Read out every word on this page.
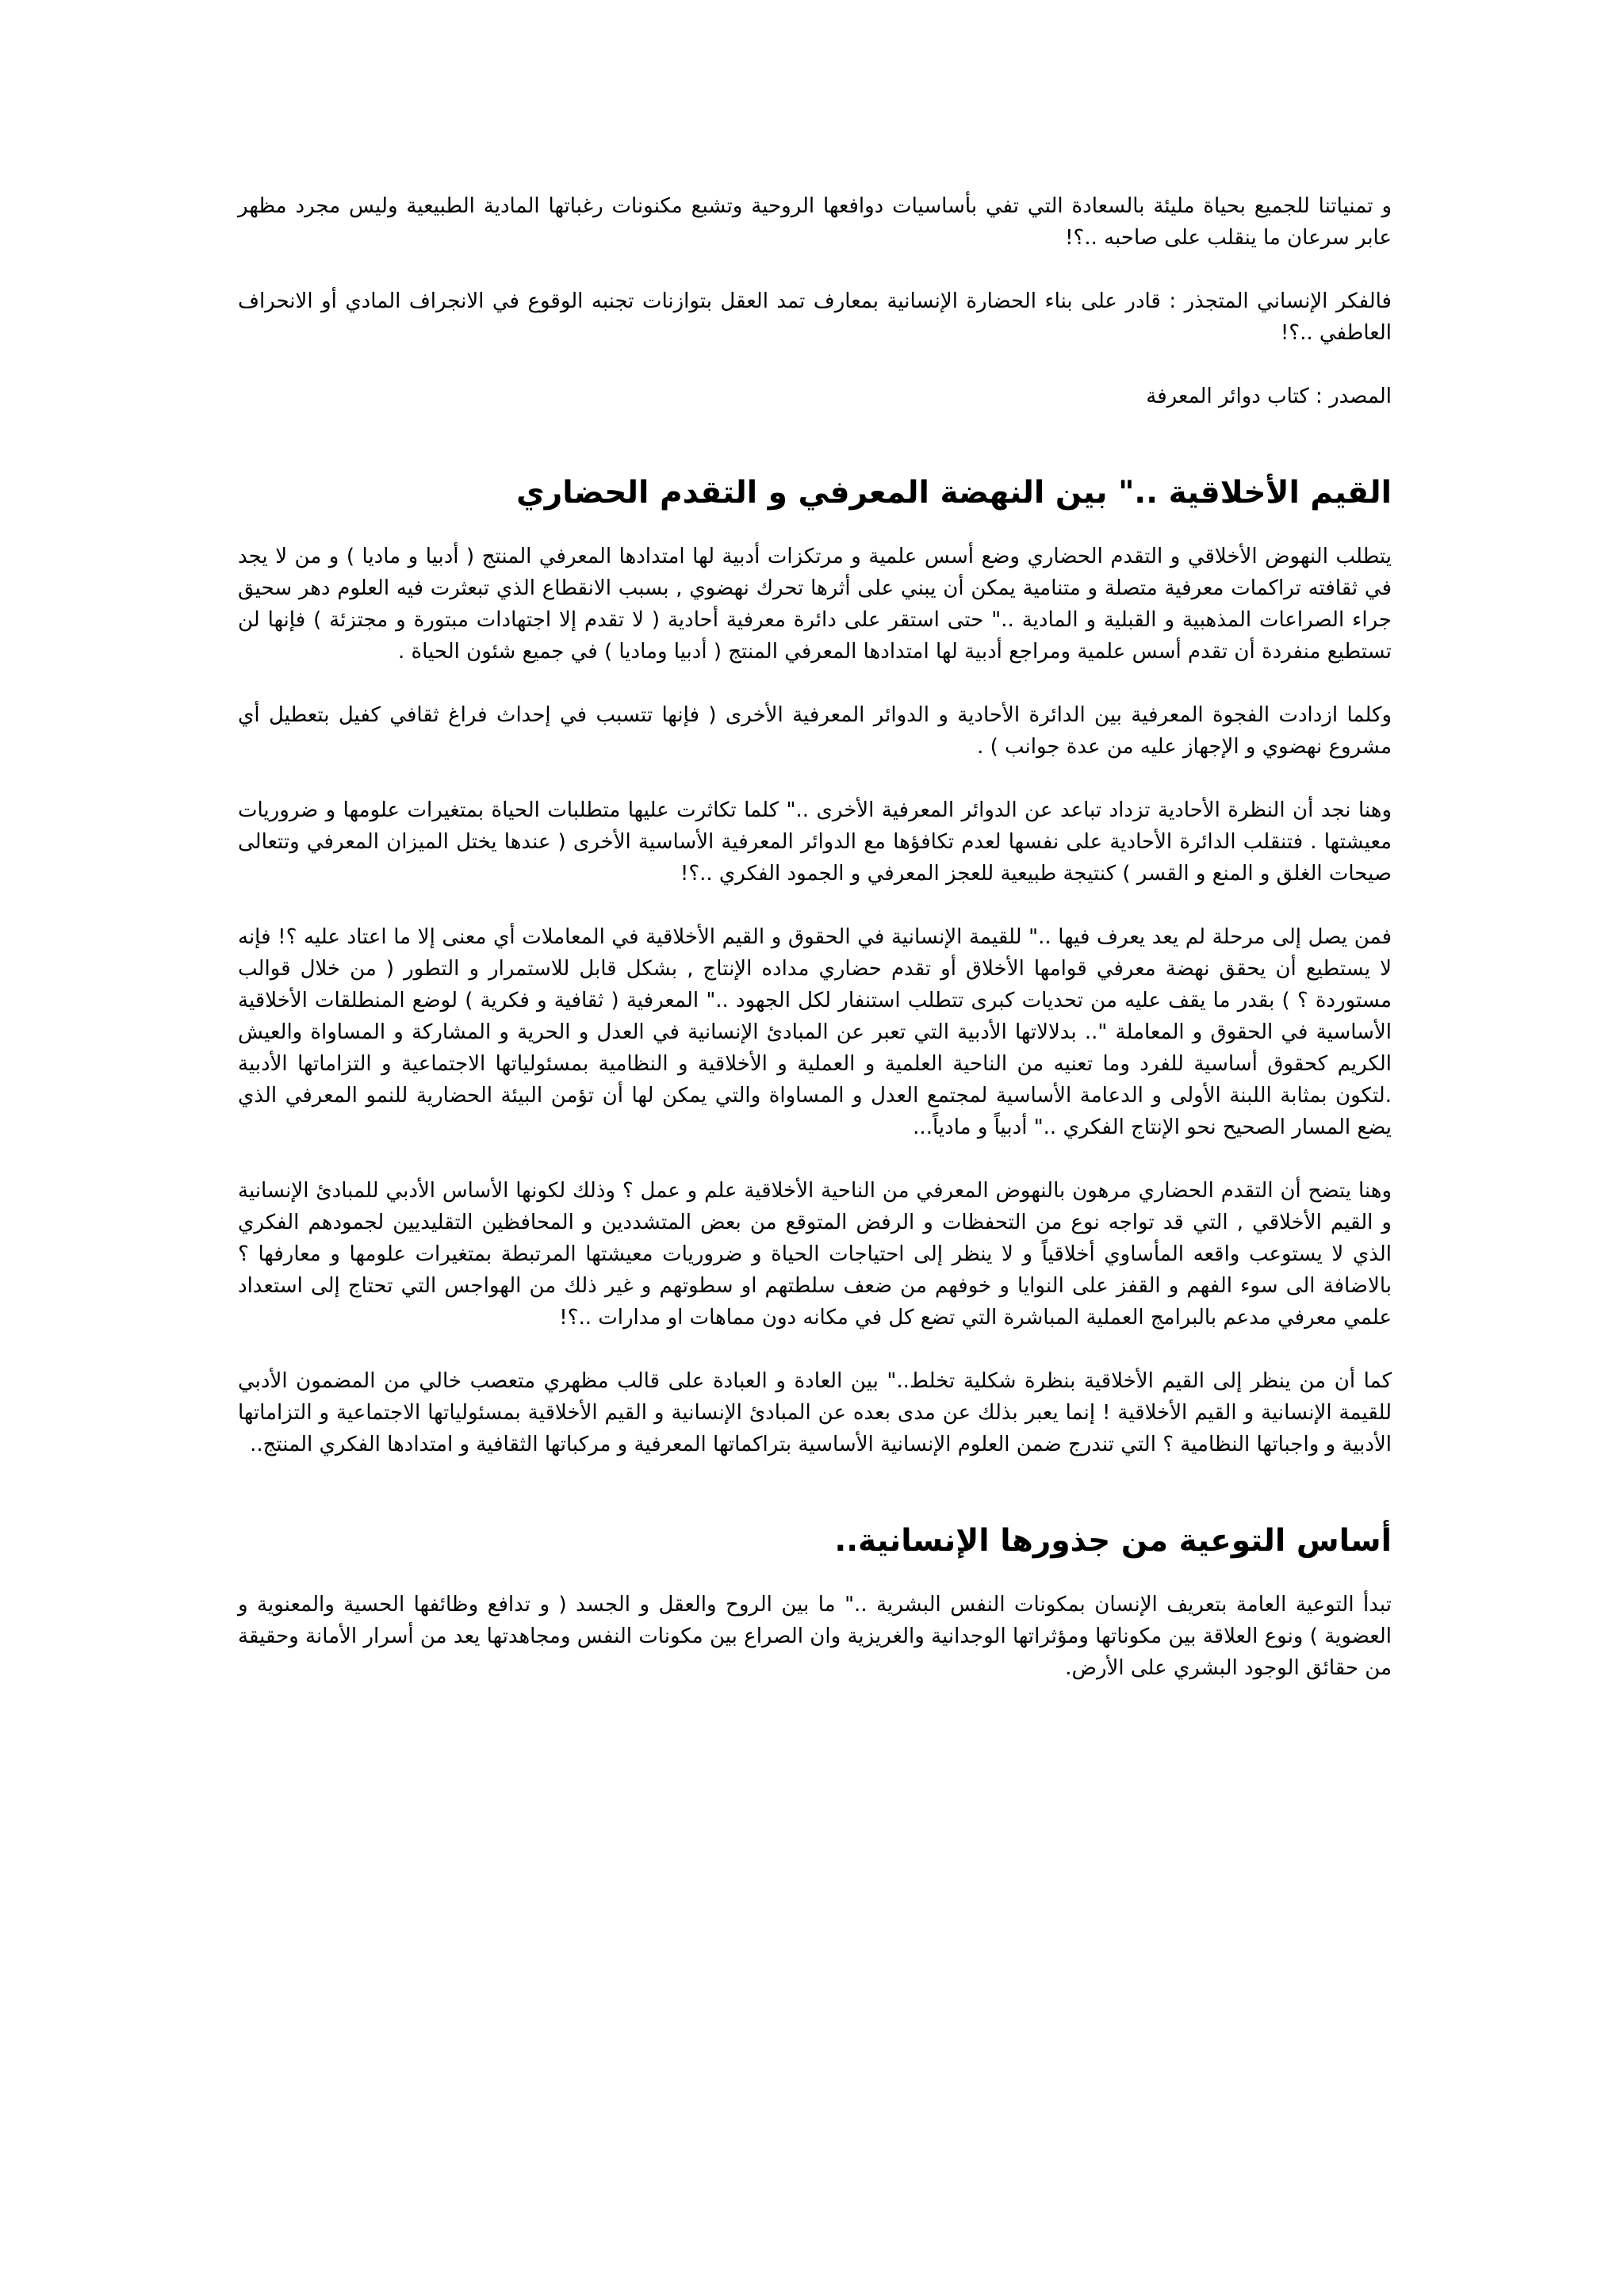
و تمنياتنا للجميع بحياة مليئة بالسعادة التي تفي بأساسيات دوافعها الروحية وتشبع مكنونات رغباتها المادية الطبيعية وليس مجرد مظهر عابر سرعان ما ينقلب على صاحبه ..؟!

فالفكر الإنساني المتجذر : قادر على بناء الحضارة الإنسانية بمعارف تمد العقل بتوازنات تجنبه الوقوع في الانجراف المادي أو الانحراف العاطفي ..؟!

المصدر : كتاب دوائر المعرفة

القيم الأخلاقية .." بين النهضة المعرفي و التقدم الحضاري

يتطلب النهوض الأخلاقي و التقدم الحضاري وضع أسس علمية و مرتكزات أدبية لها امتدادها المعرفي المنتج ( أدبيا و ماديا ) و من لا يجد في ثقافته تراكمات معرفية متصلة و متنامية يمكن أن يبني على أثرها تحرك نهضوي , بسبب الانقطاع الذي تبعثرت فيه العلوم دهر سحيق جراء الصراعات المذهبية و القبلية و المادية .." حتى استقر على دائرة معرفية أحادية ( لا تقدم إلا اجتهادات مبتورة و مجتزئة ) فإنها لن تستطيع منفردة أن تقدم أسس علمية ومراجع أدبية لها امتدادها المعرفي المنتج ( أدبيا وماديا ) في جميع شئون الحياة .

وكلما ازدادت الفجوة المعرفية بين الدائرة الأحادية و الدوائر المعرفية الأخرى ( فإنها تتسبب في إحداث فراغ ثقافي كفيل بتعطيل أي مشروع نهضوي و الإجهاز عليه من عدة جوانب ) .

وهنا نجد أن النظرة الأحادية تزداد تباعد عن الدوائر المعرفية الأخرى .." كلما تكاثرت عليها متطلبات الحياة بمتغيرات علومها و ضروريات معيشتها . فتنقلب الدائرة الأحادية على نفسها لعدم تكافؤها مع الدوائر المعرفية الأساسية الأخرى ( عندها يختل الميزان المعرفي وتتعالى صيحات الغلق و المنع و القسر ) كنتيجة طبيعية للعجز المعرفي و الجمود الفكري ..؟!

فمن يصل إلى مرحلة لم يعد يعرف فيها .." للقيمة الإنسانية في الحقوق و القيم الأخلاقية في المعاملات أي معنى إلا ما اعتاد عليه ؟! فإنه لا يستطيع أن يحقق نهضة معرفي قوامها الأخلاق أو تقدم حضاري مداده الإنتاج , بشكل قابل للاستمرار و التطور ( من خلال قوالب مستوردة ؟ ) بقدر ما يقف عليه من تحديات كبرى تتطلب استنفار لكل الجهود .." المعرفية ( ثقافية و فكرية ) لوضع المنطلقات الأخلاقية الأساسية في الحقوق و المعاملة ".. بدلالاتها الأدبية التي تعبر عن المبادئ الإنسانية في العدل و الحرية و المشاركة و المساواة والعيش الكريم كحقوق أساسية للفرد وما تعنيه من الناحية العلمية و العملية و الأخلاقية و النظامية بمسئولياتها الاجتماعية و التزاماتها الأدبية .لتكون بمثابة اللبنة الأولى و الدعامة الأساسية لمجتمع العدل و المساواة والتي يمكن لها أن تؤمن البيئة الحضارية للنمو المعرفي الذي يضع المسار الصحيح نحو الإنتاج الفكري .." أدبياً و مادياً...

وهنا يتضح أن التقدم الحضاري مرهون بالنهوض المعرفي من الناحية الأخلاقية علم و عمل ؟ وذلك لكونها الأساس الأدبي للمبادئ الإنسانية و القيم الأخلاقي , التي قد تواجه نوع من التحفظات و الرفض المتوقع من بعض المتشددين و المحافظين التقليديين لجمودهم الفكري الذي لا يستوعب واقعه المأساوي أخلاقياً و لا ينظر إلى احتياجات الحياة و ضروريات معيشتها المرتبطة بمتغيرات علومها و معارفها ؟ بالاضافة الى سوء الفهم و القفز على النوايا و خوفهم من ضعف سلطتهم او سطوتهم و غير ذلك من الهواجس التي تحتاج إلى استعداد علمي معرفي مدعم بالبرامج العملية المباشرة التي تضع كل في مكانه دون مماهات او مدارات ..؟!

كما أن من ينظر إلى القيم الأخلاقية بنظرة شكلية تخلط.." بين العادة و العبادة على قالب مظهري متعصب خالي من المضمون الأدبي للقيمة الإنسانية و القيم الأخلاقية ! إنما يعبر بذلك عن مدى بعده عن المبادئ الإنسانية و القيم الأخلاقية بمسئولياتها الاجتماعية و التزاماتها الأدبية و واجباتها النظامية ؟ التي تندرج ضمن العلوم الإنسانية الأساسية بتراكماتها المعرفية و مركباتها الثقافية و امتدادها الفكري المنتج..

أساس التوعية من جذورها الإنسانية..

تبدأ التوعية العامة بتعريف الإنسان بمكونات النفس البشرية .." ما بين الروح والعقل و الجسد ( و تدافع وظائفها الحسية والمعنوية و العضوية ) ونوع العلاقة بين مكوناتها ومؤثراتها الوجدانية والغريزية وان الصراع بين مكونات النفس ومجاهدتها يعد من أسرار الأمانة وحقيقة من حقائق الوجود البشري على الأرض.
